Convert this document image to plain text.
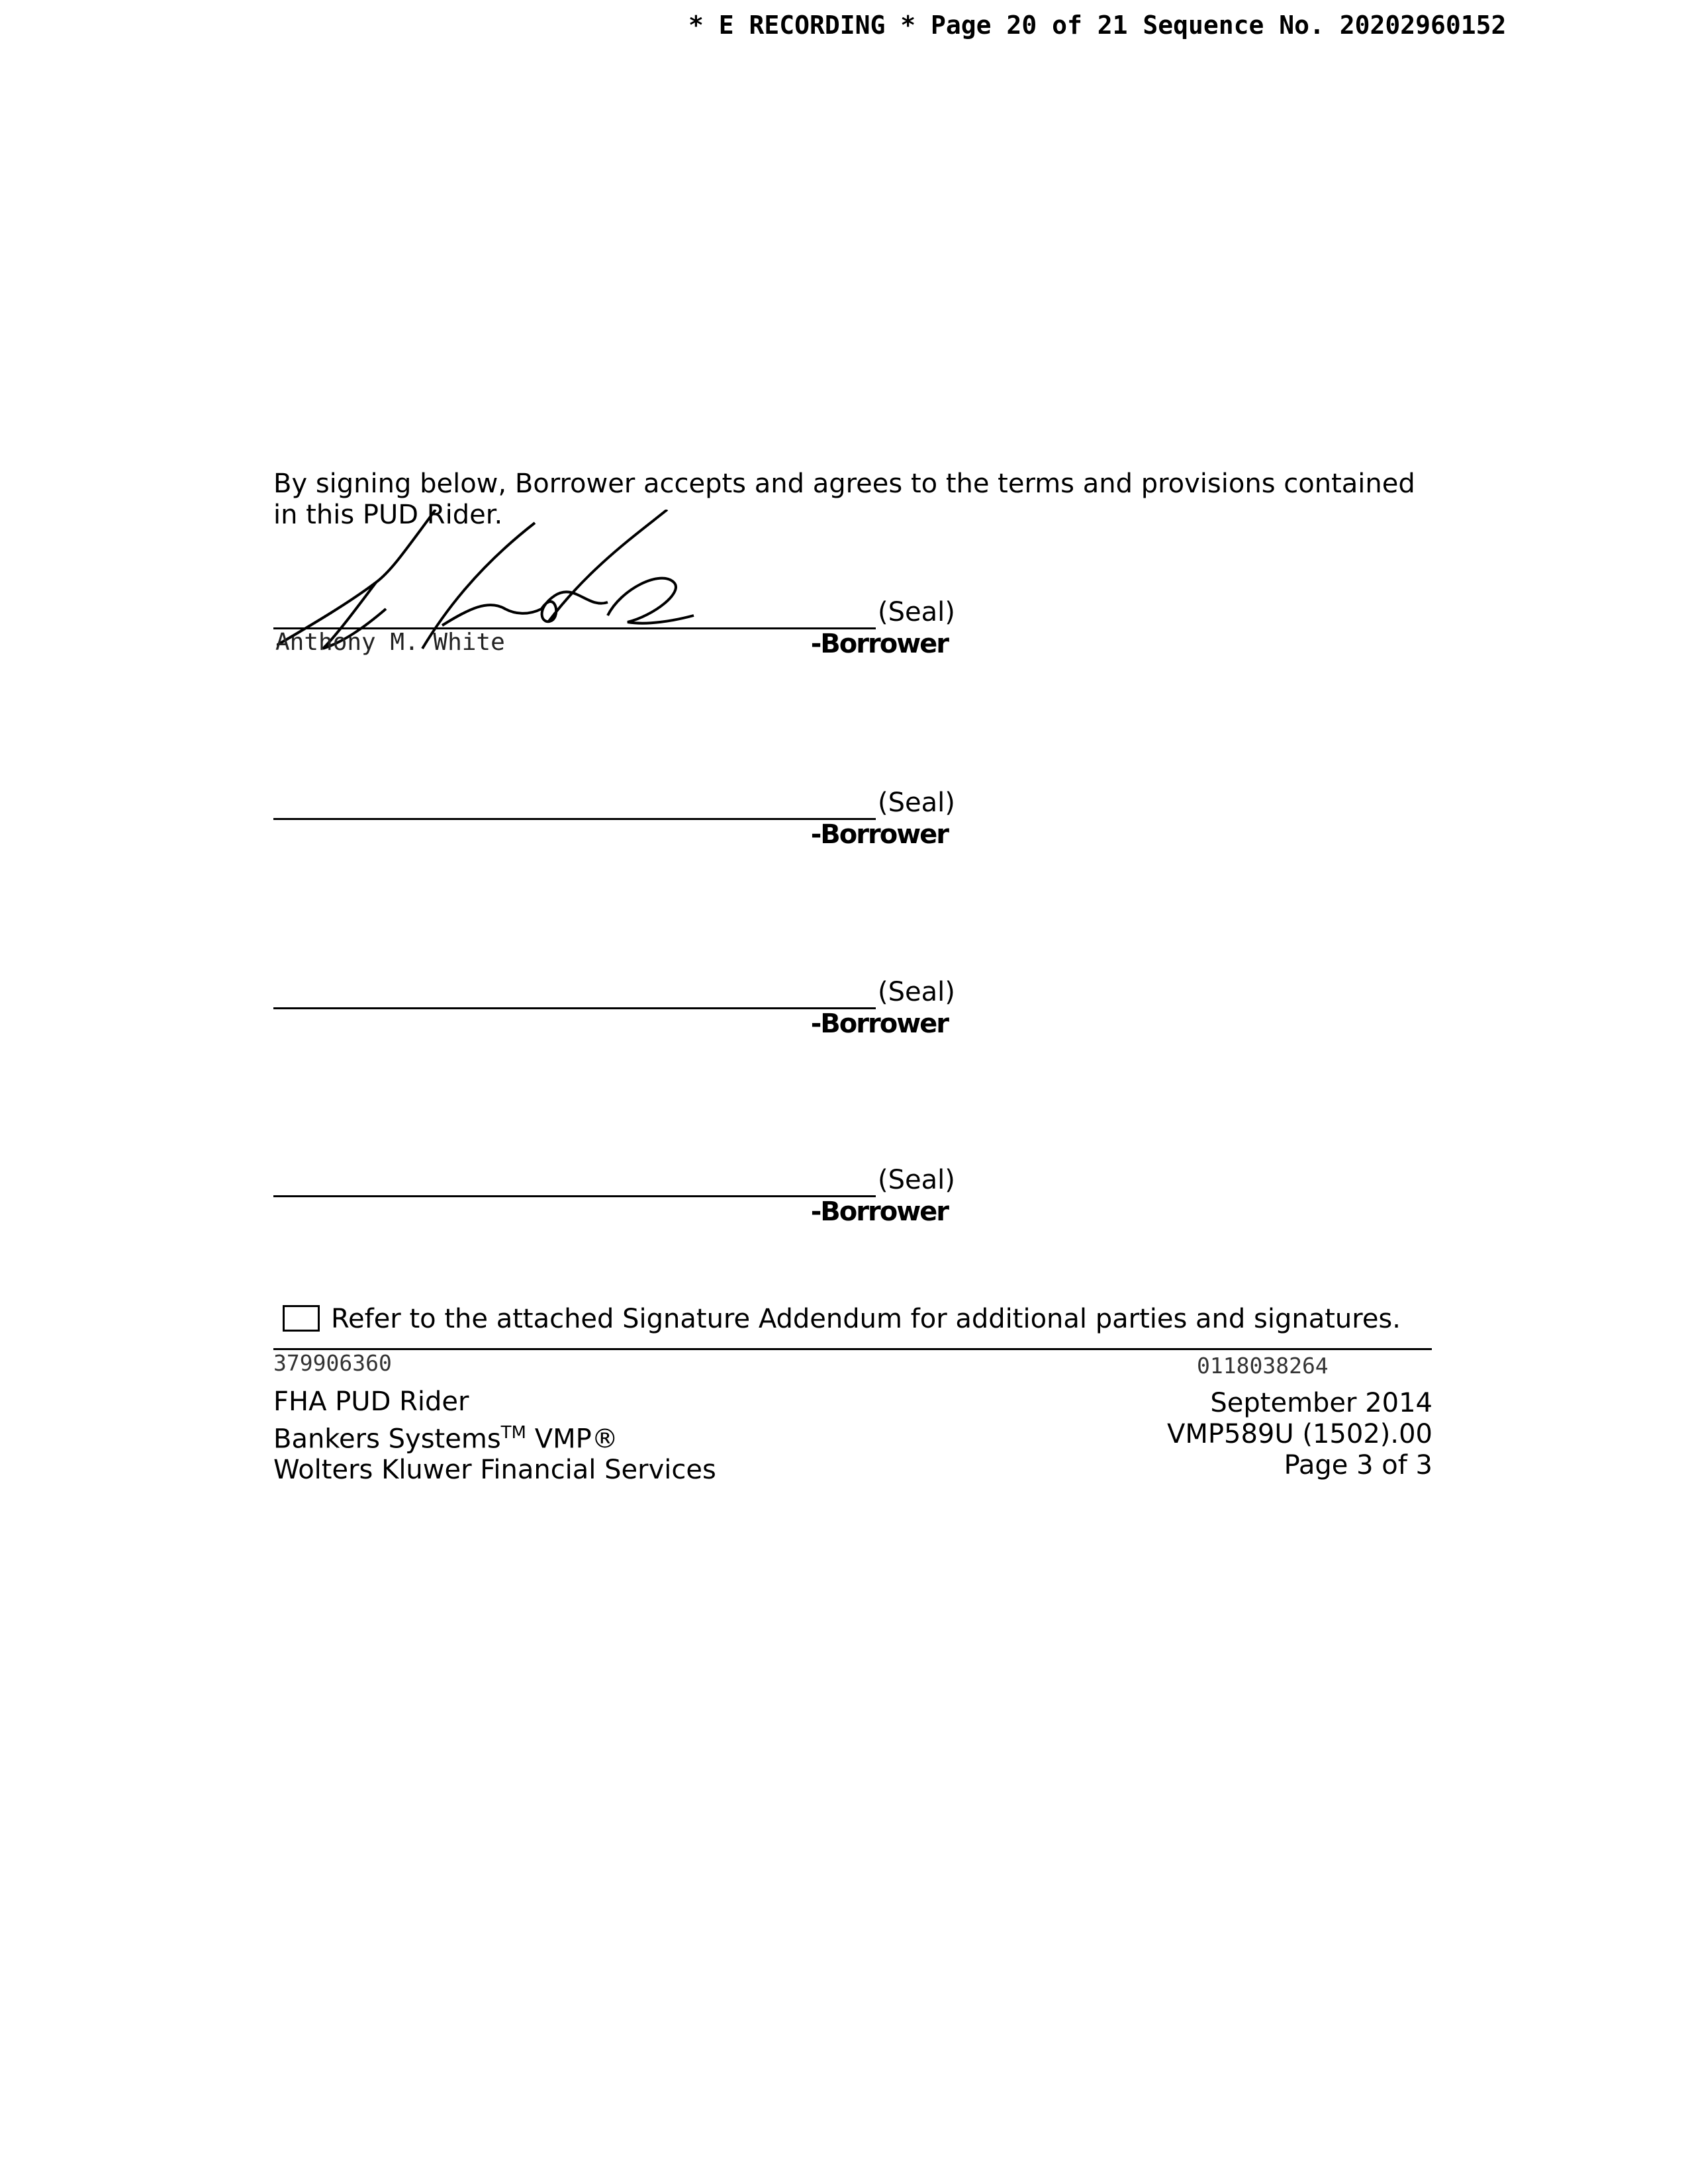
* E RECORDING * Page 20 of 21 Sequence No. 20202960152
By signing below, Borrower accepts and agrees to the terms and provisions contained in this PUD Rider.
(Seal)
Anthony M. White	-Borrower
(Seal)
-Borrower
(Seal)
-Borrower
(Seal)
-Borrower
Refer to the attached Signature Addendum for additional parties and signatures.
379906360	0118038264
FHA PUD Rider
Bankers Systems™ VMP®
Wolters Kluwer Financial Services
September 2014
VMP589U (1502).00
Page 3 of 3
